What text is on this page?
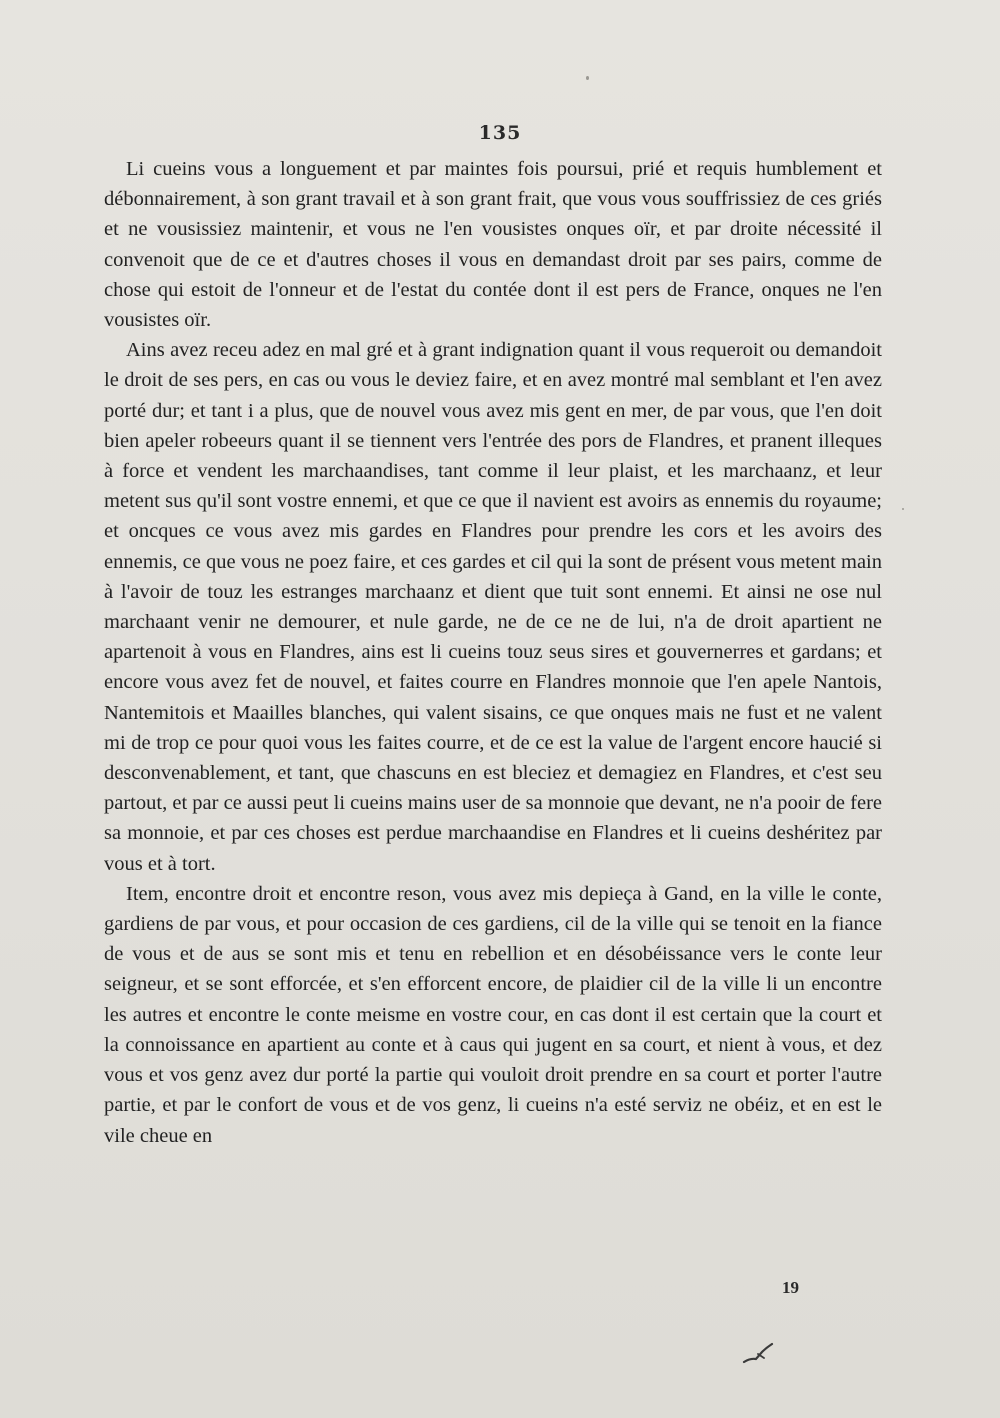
135

Li cueins vous a longuement et par maintes fois poursui, prié et requis humblement et débonnairement, à son grant travail et à son grant frait, que vous vous souffrissiez de ces griés et ne vousissiez maintenir, et vous ne l'en vousistes onques oïr, et par droite nécessité il convenoit que de ce et d'autres choses il vous en demandast droit par ses pairs, comme de chose qui estoit de l'onneur et de l'estat du contée dont il est pers de France, onques ne l'en vousistes oïr.

Ains avez receu adez en mal gré et à grant indignation quant il vous requeroit ou demandoit le droit de ses pers, en cas ou vous le deviez faire, et en avez montré mal semblant et l'en avez porté dur; et tant i a plus, que de nouvel vous avez mis gent en mer, de par vous, que l'en doit bien apeler robeeurs quant il se tiennent vers l'entrée des pors de Flandres, et pranent illeques à force et vendent les marchaandises, tant comme il leur plaist, et les marchaanz, et leur metent sus qu'il sont vostre ennemi, et que ce que il navient est avoirs as ennemis du royaume; et oncques ce vous avez mis gardes en Flandres pour prendre les cors et les avoirs des ennemis, ce que vous ne poez faire, et ces gardes et cil qui la sont de présent vous metent main à l'avoir de touz les estranges marchaanz et dient que tuit sont ennemi. Et ainsi ne ose nul marchaant venir ne demourer, et nule garde, ne de ce ne de lui, n'a de droit apartient ne apartenoit à vous en Flandres, ains est li cueins touz seus sires et gouvernerres et gardans; et encore vous avez fet de nouvel, et faites courre en Flandres monnoie que l'en apele Nantois, Nantemitois et Maailles blanches, qui valent sisains, ce que onques mais ne fust et ne valent mi de trop ce pour quoi vous les faites courre, et de ce est la value de l'argent encore haucié si desconvenablement, et tant, que chascuns en est bleciez et demagiez en Flandres, et c'est seu partout, et par ce aussi peut li cueins mains user de sa monnoie que devant, ne n'a pooir de fere sa monnoie, et par ces choses est perdue marchaandise en Flandres et li cueins deshéritez par vous et à tort.

Item, encontre droit et encontre reson, vous avez mis depieça à Gand, en la ville le conte, gardiens de par vous, et pour occasion de ces gardiens, cil de la ville qui se tenoit en la fiance de vous et de aus se sont mis et tenu en rebellion et en désobéissance vers le conte leur seigneur, et se sont efforcée, et s'en efforcent encore, de plaidier cil de la ville li un encontre les autres et encontre le conte meisme en vostre cour, en cas dont il est certain que la court et la connoissance en apartient au conte et à caus qui jugent en sa court, et nient à vous, et dez vous et vos genz avez dur porté la partie qui vouloit droit prendre en sa court et porter l'autre partie, et par le confort de vous et de vos genz, li cueins n'a esté serviz ne obéiz, et en est le vile cheue en

19
